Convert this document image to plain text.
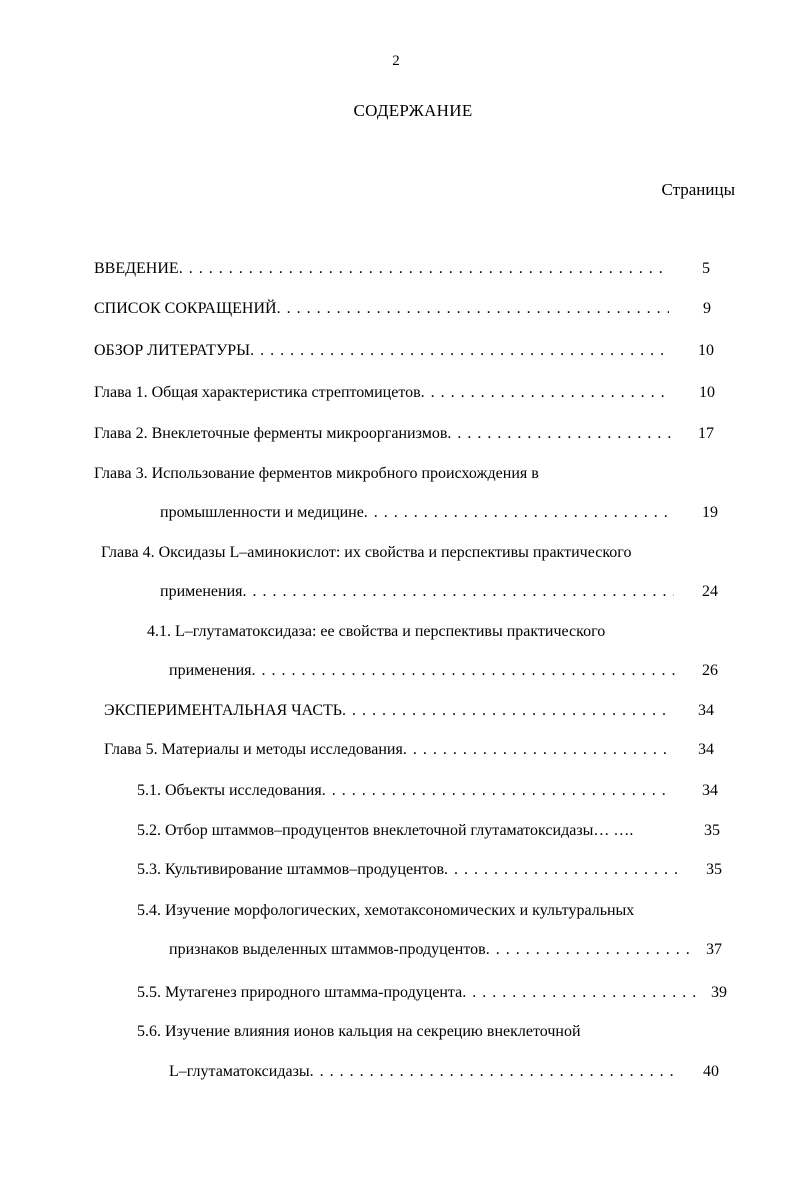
2
СОДЕРЖАНИЕ
Страницы
ВВЕДЕНИЕ . . .	5
СПИСОК СОКРАЩЕНИЙ . . .	9
ОБЗОР ЛИТЕРАТУРЫ . . .	10
Глава 1. Общая характеристика стрептомицетов . . .	10
Глава 2. Внеклеточные ферменты микроорганизмов . . .	17
Глава 3. Использование ферментов микробного происхождения в
промышленности и медицине . . .	19
Глава 4. Оксидазы L–аминокислот: их свойства и перспективы практического
применения . . .	24
4.1. L–глутаматоксидаза: ее свойства и перспективы практического
применения . . .	26
ЭКСПЕРИМЕНТАЛЬНАЯ ЧАСТЬ . . .	34
Глава 5. Материалы и методы исследования . . .	34
5.1. Объекты исследования . . .	34
5.2. Отбор штаммов–продуцентов внеклеточной глутаматоксидазы… ….	35
5.3. Культивирование штаммов–продуцентов . . .	35
5.4. Изучение морфологических, хемотаксономических и культуральных
признаков выделенных штаммов-продуцентов . . .	37
5.5. Мутагенез природного штамма-продуцента . . .	39
5.6. Изучение влияния ионов кальция на секрецию внеклеточной
L–глутаматоксидазы . . .	40
